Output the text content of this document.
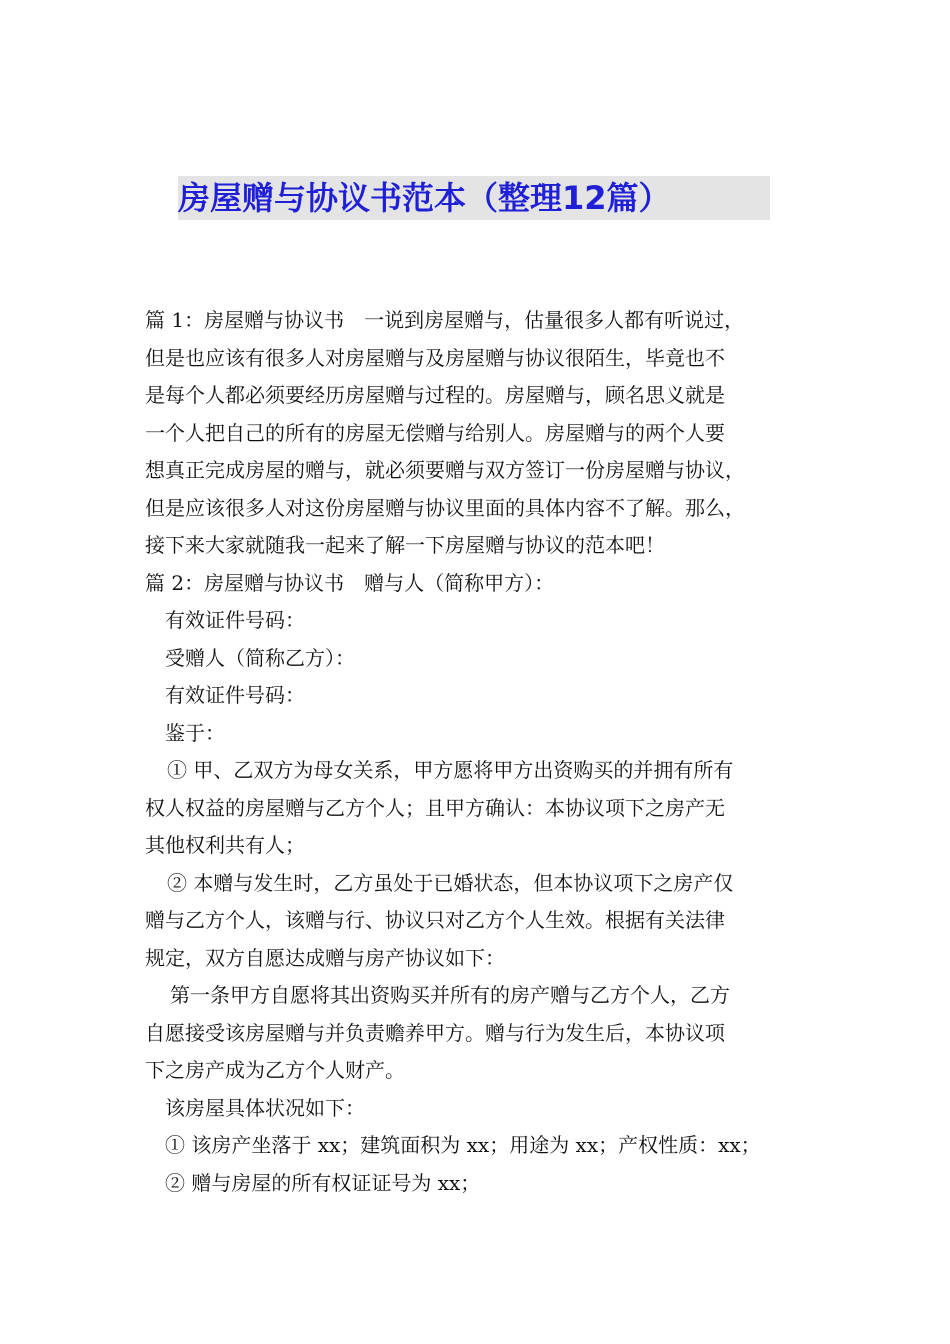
房屋赠与协议书范本（整理12篇）
篇 1：房屋赠与协议书　一说到房屋赠与，估量很多人都有听说过，
但是也应该有很多人对房屋赠与及房屋赠与协议很陌生，毕竟也不
是每个人都必须要经历房屋赠与过程的。房屋赠与，顾名思义就是
一个人把自己的所有的房屋无偿赠与给别人。房屋赠与的两个人要
想真正完成房屋的赠与，就必须要赠与双方签订一份房屋赠与协议，
但是应该很多人对这份房屋赠与协议里面的具体内容不了解。那么，
接下来大家就随我一起来了解一下房屋赠与协议的范本吧！
篇 2：房屋赠与协议书　赠与人（简称甲方）：
有效证件号码：
受赠人（简称乙方）：
有效证件号码：
鉴于：
① 甲、乙双方为母女关系，甲方愿将甲方出资购买的并拥有所有
权人权益的房屋赠与乙方个人；且甲方确认：本协议项下之房产无
其他权利共有人；
② 本赠与发生时，乙方虽处于已婚状态，但本协议项下之房产仅
赠与乙方个人，该赠与行、协议只对乙方个人生效。根据有关法律
规定，双方自愿达成赠与房产协议如下：
第一条甲方自愿将其出资购买并所有的房产赠与乙方个人，乙方
自愿接受该房屋赠与并负责赡养甲方。赠与行为发生后，本协议项
下之房产成为乙方个人财产。
该房屋具体状况如下：
① 该房产坐落于 xx；建筑面积为 xx；用途为 xx；产权性质：xx；
② 赠与房屋的所有权证证号为 xx；
